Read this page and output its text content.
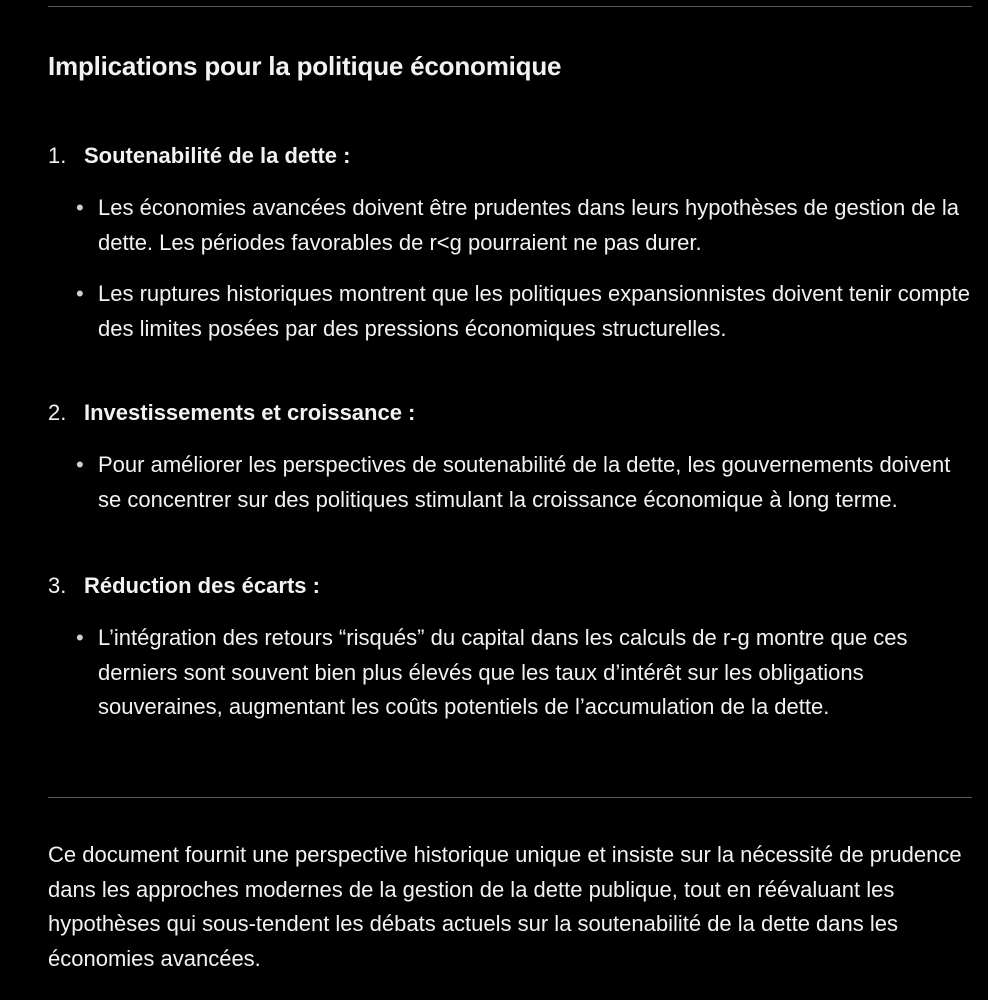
Implications pour la politique économique

1. Soutenabilité de la dette :

• Les économies avancées doivent être prudentes dans leurs hypothèses de gestion de la dette. Les périodes favorables de r<g pourraient ne pas durer.

• Les ruptures historiques montrent que les politiques expansionnistes doivent tenir compte des limites posées par des pressions économiques structurelles.

2. Investissements et croissance :

• Pour améliorer les perspectives de soutenabilité de la dette, les gouvernements doivent se concentrer sur des politiques stimulant la croissance économique à long terme.

3. Réduction des écarts :

• L’intégration des retours “risqués” du capital dans les calculs de r-g montre que ces derniers sont souvent bien plus élevés que les taux d’intérêt sur les obligations souveraines, augmentant les coûts potentiels de l’accumulation de la dette.

Ce document fournit une perspective historique unique et insiste sur la nécessité de prudence dans les approches modernes de la gestion de la dette publique, tout en réévaluant les hypothèses qui sous-tendent les débats actuels sur la soutenabilité de la dette dans les économies avancées.
